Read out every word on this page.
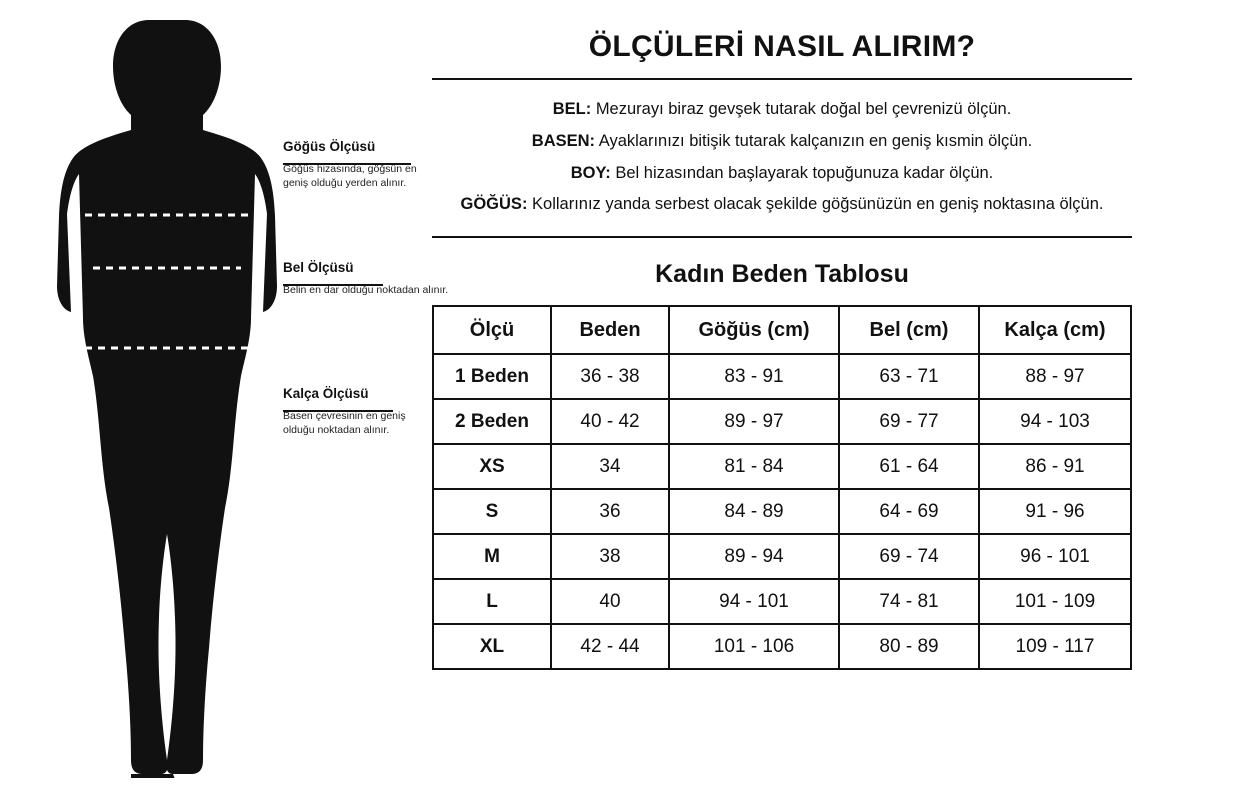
Göğüs Ölçüsü
Göğüs hizasında, göğsün en geniş olduğu yerden alınır.
Bel Ölçüsü
Belin en dar olduğu noktadan alınır.
Kalça Ölçüsü
Basen çevresinin en geniş olduğu noktadan alınır.
ÖLÇÜLERİ NASIL ALIRIM?

BEL: Mezurayı biraz gevşek tutarak doğal bel çevrenizü ölçün.

BASEN: Ayaklarınızı bitişik tutarak kalçanızın en geniş kısmin ölçün.

BOY: Bel hizasından başlayarak topuğunuza kadar ölçün.

GÖĞÜS: Kollarınız yanda serbest olacak şekilde göğsünüzün en geniş noktasına ölçün.

Kadın Beden Tablosu
Ölçü	Beden	Göğüs (cm)	Bel (cm)	Kalça (cm)
1 Beden	36 - 38	83 - 91	63 - 71	88 - 97
2 Beden	40 - 42	89 - 97	69 - 77	94 - 103
XS	34	81 - 84	61 - 64	86 - 91
S	36	84 - 89	64 - 69	91 - 96
M	38	89 - 94	69 - 74	96 - 101
L	40	94 - 101	74 - 81	101 - 109
XL	42 - 44	101 - 106	80 - 89	109 - 117
